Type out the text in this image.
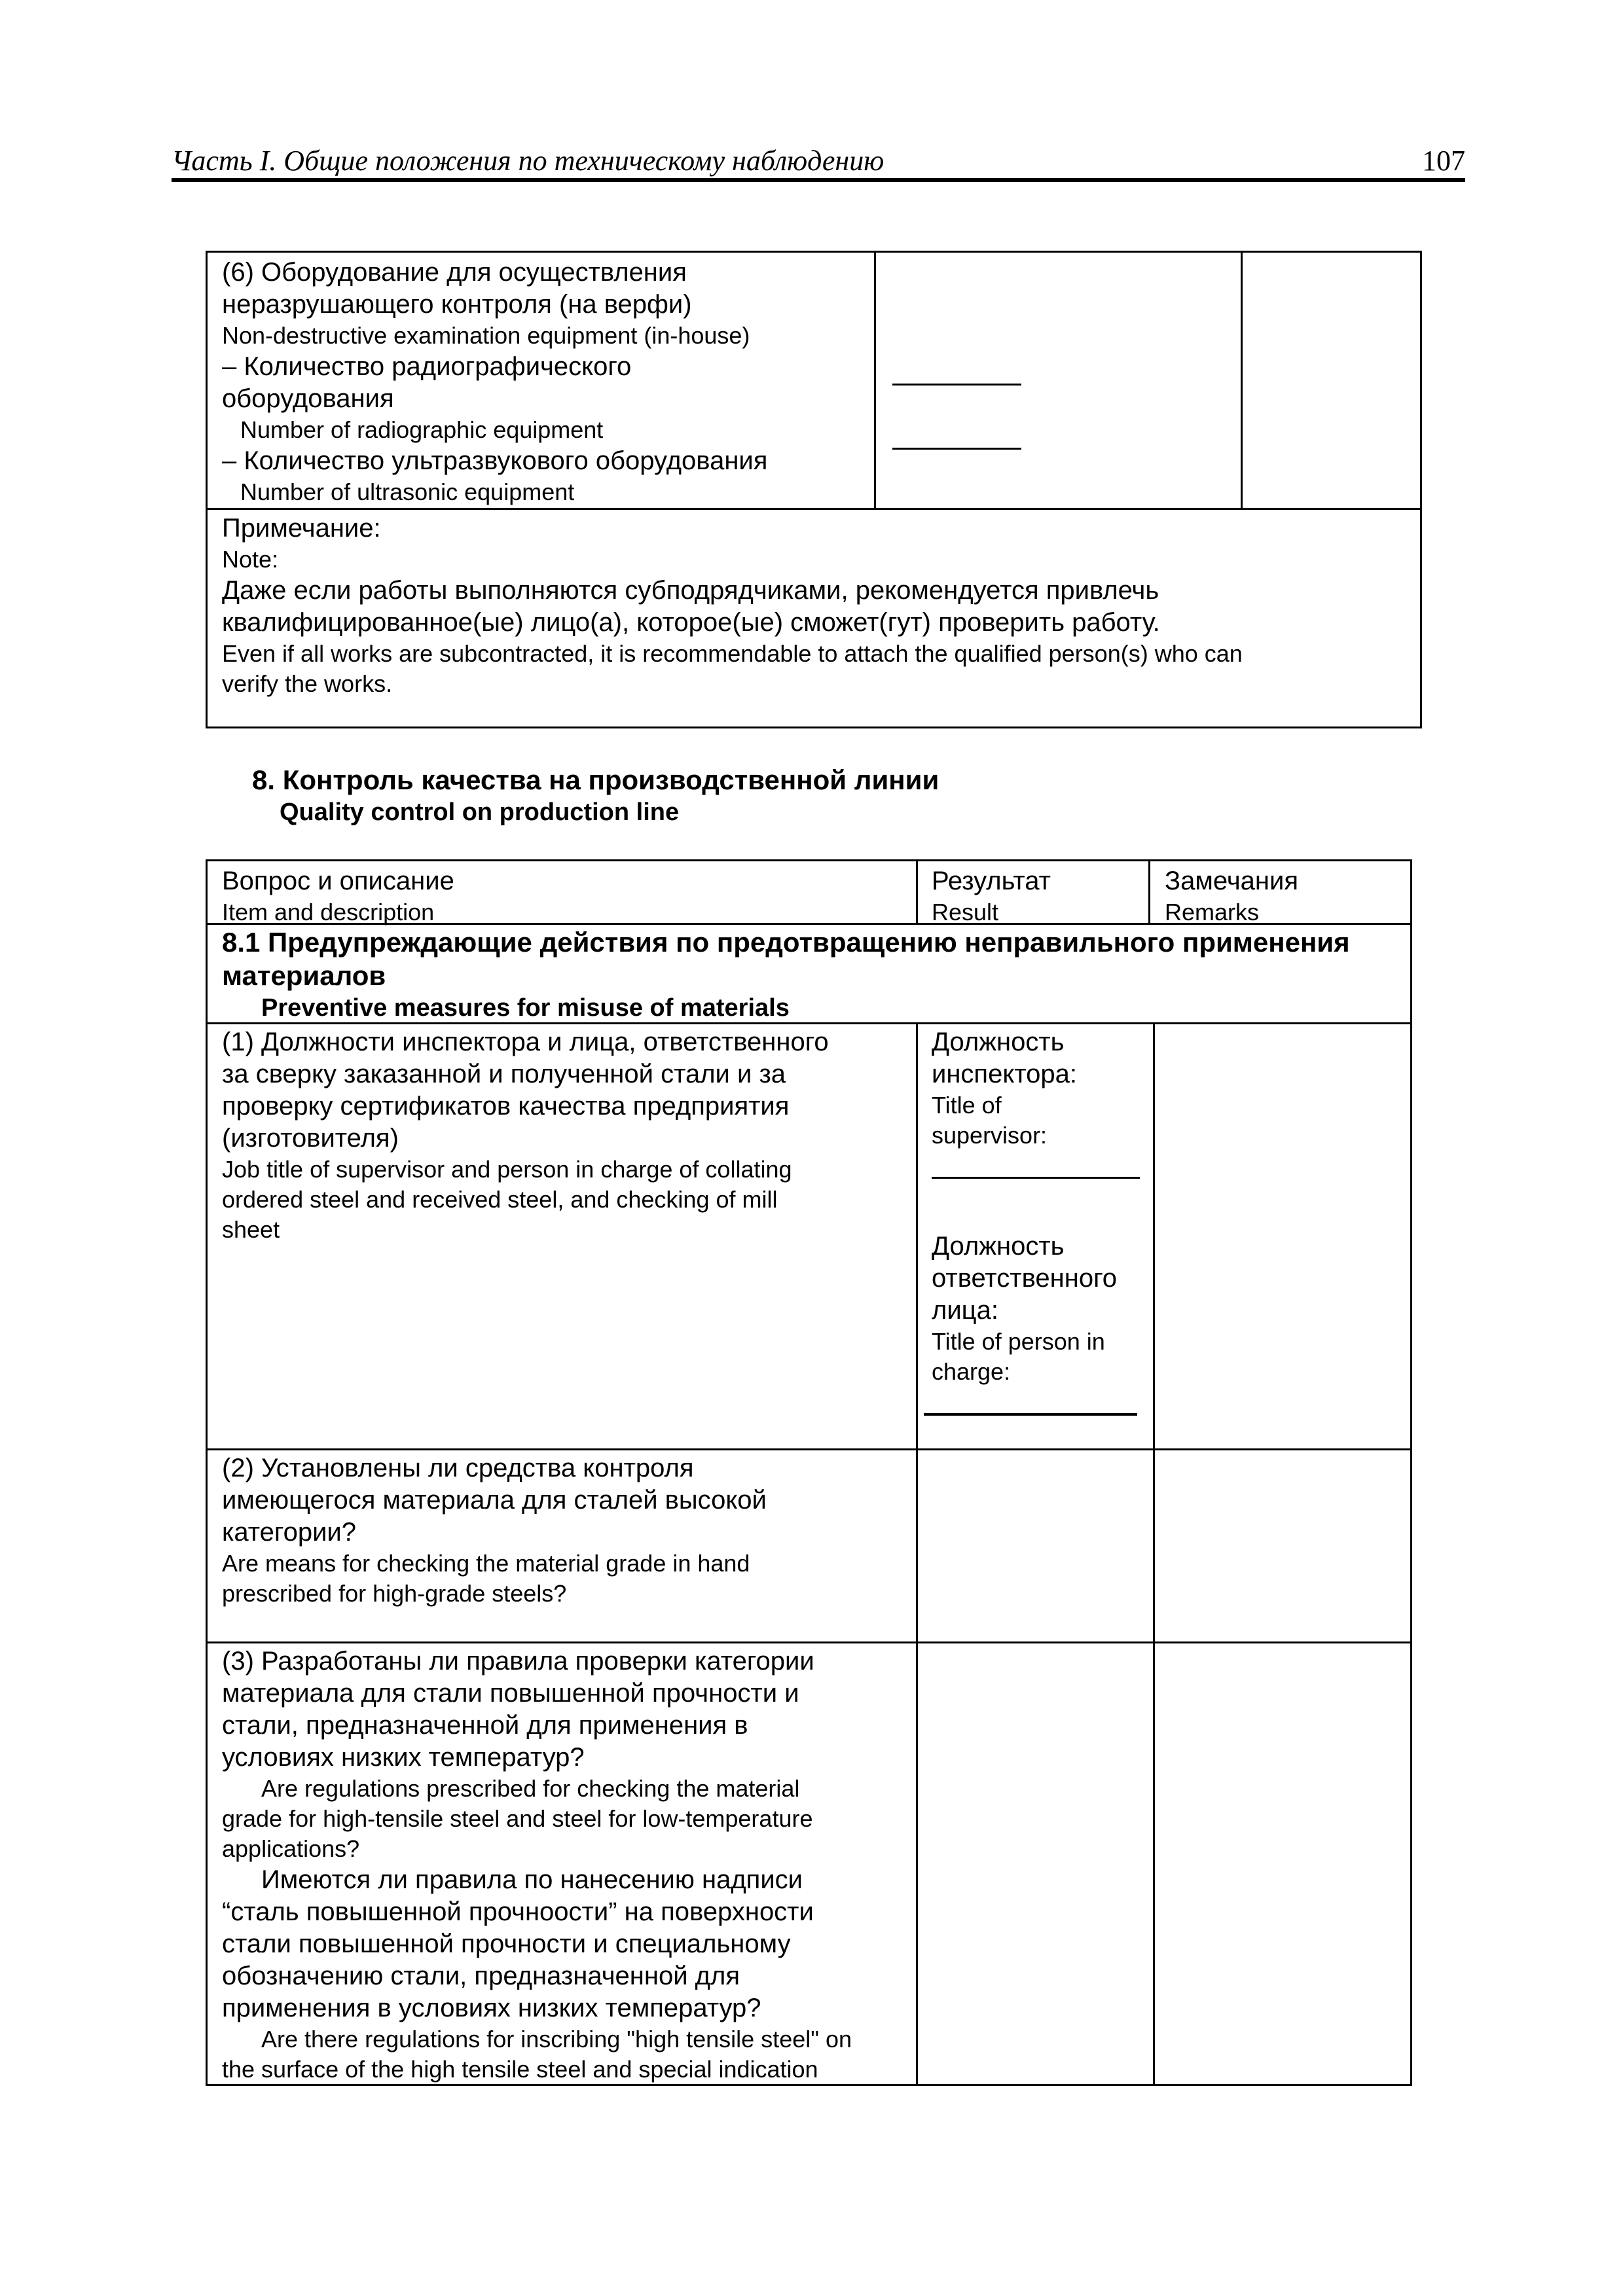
Часть I. Общие положения по техническому наблюдению	107
(6) Оборудование для осуществления
неразрушающего контроля (на верфи)
Non-destructive examination equipment (in-house)
– Количество радиографического
оборудования
Number of radiographic equipment
– Количество ультразвукового оборудования
Number of ultrasonic equipment
Примечание:
Note:
Даже если работы выполняются субподрядчиками, рекомендуется привлечь
квалифицированное(ые) лицо(а), которое(ые) сможет(гут) проверить работу.
Even if all works are subcontracted, it is recommendable to attach the qualified person(s) who can
verify the works.
8. Контроль качества на производственной линии
Quality control on production line
Вопрос и описание
Item and description
Результат
Result
Замечания
Remarks
8.1 Предупреждающие действия по предотвращению неправильного применения
материалов
Preventive measures for misuse of materials
(1) Должности инспектора и лица, ответственного
за сверку заказанной и полученной стали и за
проверку сертификатов качества предприятия
(изготовителя)
Job title of supervisor and person in charge of collating
ordered steel and received steel, and checking of mill
sheet
Должность
инспектора:
Title of
supervisor:
Должность
ответственного
лица:
Title of person in
charge:
(2) Установлены ли средства контроля
имеющегося материала для сталей высокой
категории?
Are means for checking the material grade in hand
prescribed for high-grade steels?
(3) Разработаны ли правила проверки категории
материала для стали повышенной прочности и
стали, предназначенной для применения в
условиях низких температур?
Are regulations prescribed for checking the material
grade for high-tensile steel and steel for low-temperature
applications?
Имеются ли правила по нанесению надписи
“сталь повышенной прочноости” на поверхности
стали повышенной прочности и специальному
обозначению стали, предназначенной для
применения в условиях низких температур?
Are there regulations for inscribing "high tensile steel" on
the surface of the high tensile steel and special indication
